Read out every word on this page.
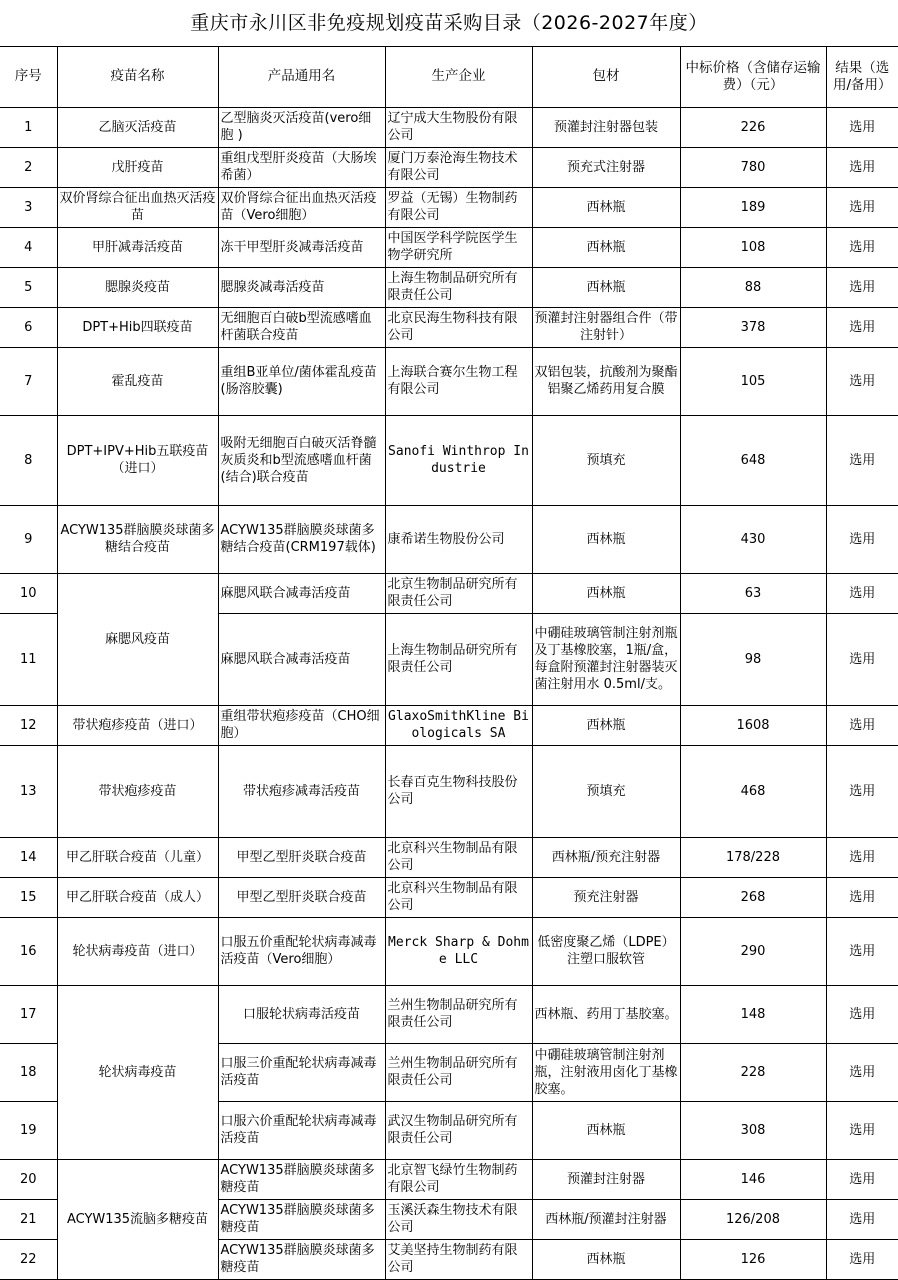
重庆市永川区非免疫规划疫苗采购目录（2026-2027年度）
序号	疫苗名称	产品通用名	生产企业	包材	中标价格（含储存运输费）（元）	结果（选用/备用）
1	乙脑灭活疫苗	乙型脑炎灭活疫苗(vero细胞 )	辽宁成大生物股份有限公司	预灌封注射器包装	226	选用
2	戊肝疫苗	重组戊型肝炎疫苗（大肠埃希菌）	厦门万泰沧海生物技术有限公司	预充式注射器	780	选用
3	双价肾综合征出血热灭活疫苗	双价肾综合征出血热灭活疫苗（Vero细胞）	罗益（无锡）生物制药有限公司	西林瓶	189	选用
4	甲肝减毒活疫苗	冻干甲型肝炎减毒活疫苗	中国医学科学院医学生物学研究所	西林瓶	108	选用
5	腮腺炎疫苗	腮腺炎减毒活疫苗	上海生物制品研究所有限责任公司	西林瓶	88	选用
6	DPT+Hib四联疫苗	无细胞百白破b型流感嗜血杆菌联合疫苗	北京民海生物科技有限公司	预灌封注射器组合件（带注射针）	378	选用
7	霍乱疫苗	重组B亚单位/菌体霍乱疫苗(肠溶胶囊)	上海联合赛尔生物工程有限公司	双铝包装，抗酸剂为聚酯铝聚乙烯药用复合膜	105	选用
8	DPT+IPV+Hib五联疫苗（进口）	吸附无细胞百白破灭活脊髓灰质炎和b型流感嗜血杆菌(结合)联合疫苗	Sanofi Winthrop Industrie	预填充	648	选用
9	ACYW135群脑膜炎球菌多糖结合疫苗	ACYW135群脑膜炎球菌多糖结合疫苗(CRM197载体)	康希诺生物股份公司	西林瓶	430	选用
10	麻腮风疫苗	麻腮风联合减毒活疫苗	北京生物制品研究所有限责任公司	西林瓶	63	选用
11		麻腮风联合减毒活疫苗	上海生物制品研究所有限责任公司	中硼硅玻璃管制注射剂瓶及丁基橡胶塞，1瓶/盒，每盒附预灌封注射器装灭菌注射用水 0.5ml/支。	98	选用
12	带状疱疹疫苗（进口）	重组带状疱疹疫苗（CHO细胞）	GlaxoSmithKline Biologicals SA	西林瓶	1608	选用
13	带状疱疹疫苗	带状疱疹减毒活疫苗	长春百克生物科技股份公司	预填充	468	选用
14	甲乙肝联合疫苗（儿童）	甲型乙型肝炎联合疫苗	北京科兴生物制品有限公司	西林瓶/预充注射器	178/228	选用
15	甲乙肝联合疫苗（成人）	甲型乙型肝炎联合疫苗	北京科兴生物制品有限公司	预充注射器	268	选用
16	轮状病毒疫苗（进口）	口服五价重配轮状病毒减毒活疫苗（Vero细胞）	Merck Sharp & Dohme LLC	低密度聚乙烯（LDPE）注塑口服软管	290	选用
17	轮状病毒疫苗	口服轮状病毒活疫苗	兰州生物制品研究所有限责任公司	西林瓶、药用丁基胶塞。	148	选用
18		口服三价重配轮状病毒减毒活疫苗	兰州生物制品研究所有限责任公司	中硼硅玻璃管制注射剂瓶，注射液用卤化丁基橡胶塞。	228	选用
19		口服六价重配轮状病毒减毒活疫苗	武汉生物制品研究所有限责任公司	西林瓶	308	选用
20	ACYW135流脑多糖疫苗	ACYW135群脑膜炎球菌多糖疫苗	北京智飞绿竹生物制药有限公司	预灌封注射器	146	选用
21		ACYW135群脑膜炎球菌多糖疫苗	玉溪沃森生物技术有限公司	西林瓶/预灌封注射器	126/208	选用
22		ACYW135群脑膜炎球菌多糖疫苗	艾美坚持生物制药有限公司	西林瓶	126	选用
